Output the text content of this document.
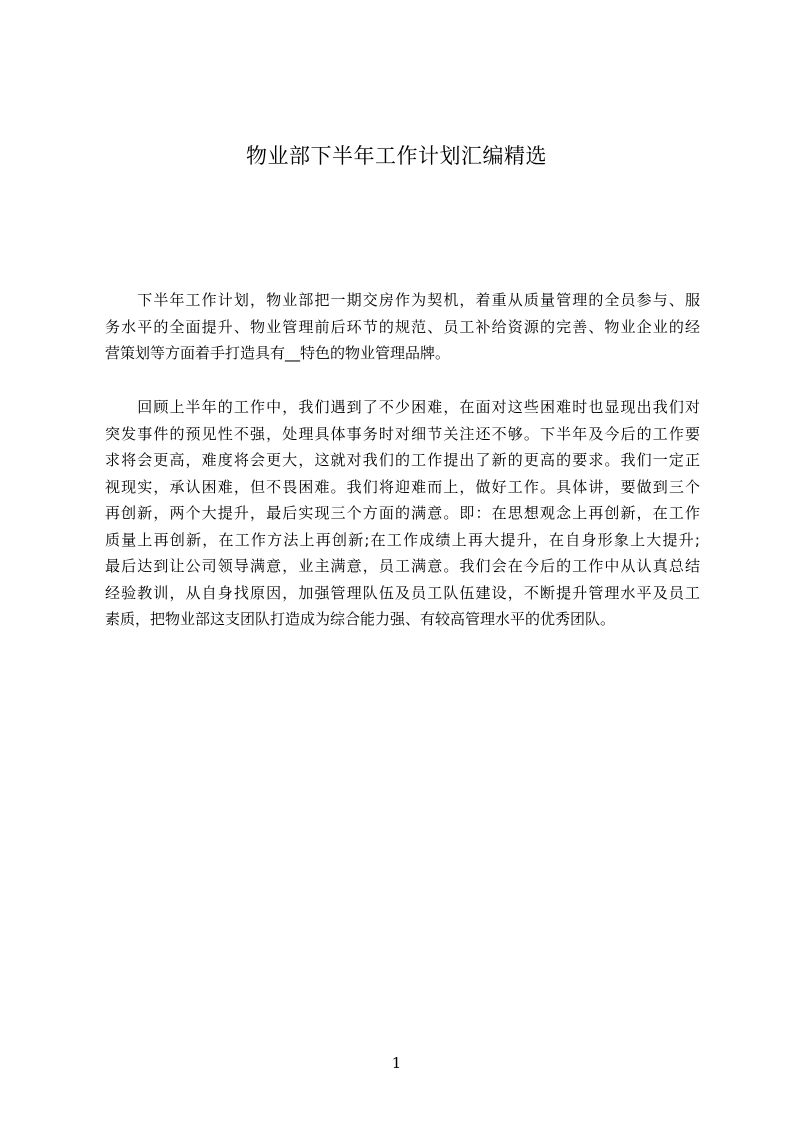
物业部下半年工作计划汇编精选
　　下半年工作计划，物业部把一期交房作为契机，着重从质量管理的全员参与、服
务水平的全面提升、物业管理前后环节的规范、员工补给资源的完善、物业企业的经
营策划等方面着手打造具有__特色的物业管理品牌。
　　回顾上半年的工作中，我们遇到了不少困难，在面对这些困难时也显现出我们对
突发事件的预见性不强，处理具体事务时对细节关注还不够。下半年及今后的工作要
求将会更高，难度将会更大，这就对我们的工作提出了新的更高的要求。我们一定正
视现实，承认困难，但不畏困难。我们将迎难而上，做好工作。具体讲，要做到三个
再创新，两个大提升，最后实现三个方面的满意。即：在思想观念上再创新，在工作
质量上再创新，在工作方法上再创新;在工作成绩上再大提升，在自身形象上大提升;
最后达到让公司领导满意，业主满意，员工满意。我们会在今后的工作中从认真总结
经验教训，从自身找原因，加强管理队伍及员工队伍建设，不断提升管理水平及员工
素质，把物业部这支团队打造成为综合能力强、有较高管理水平的优秀团队。
1
